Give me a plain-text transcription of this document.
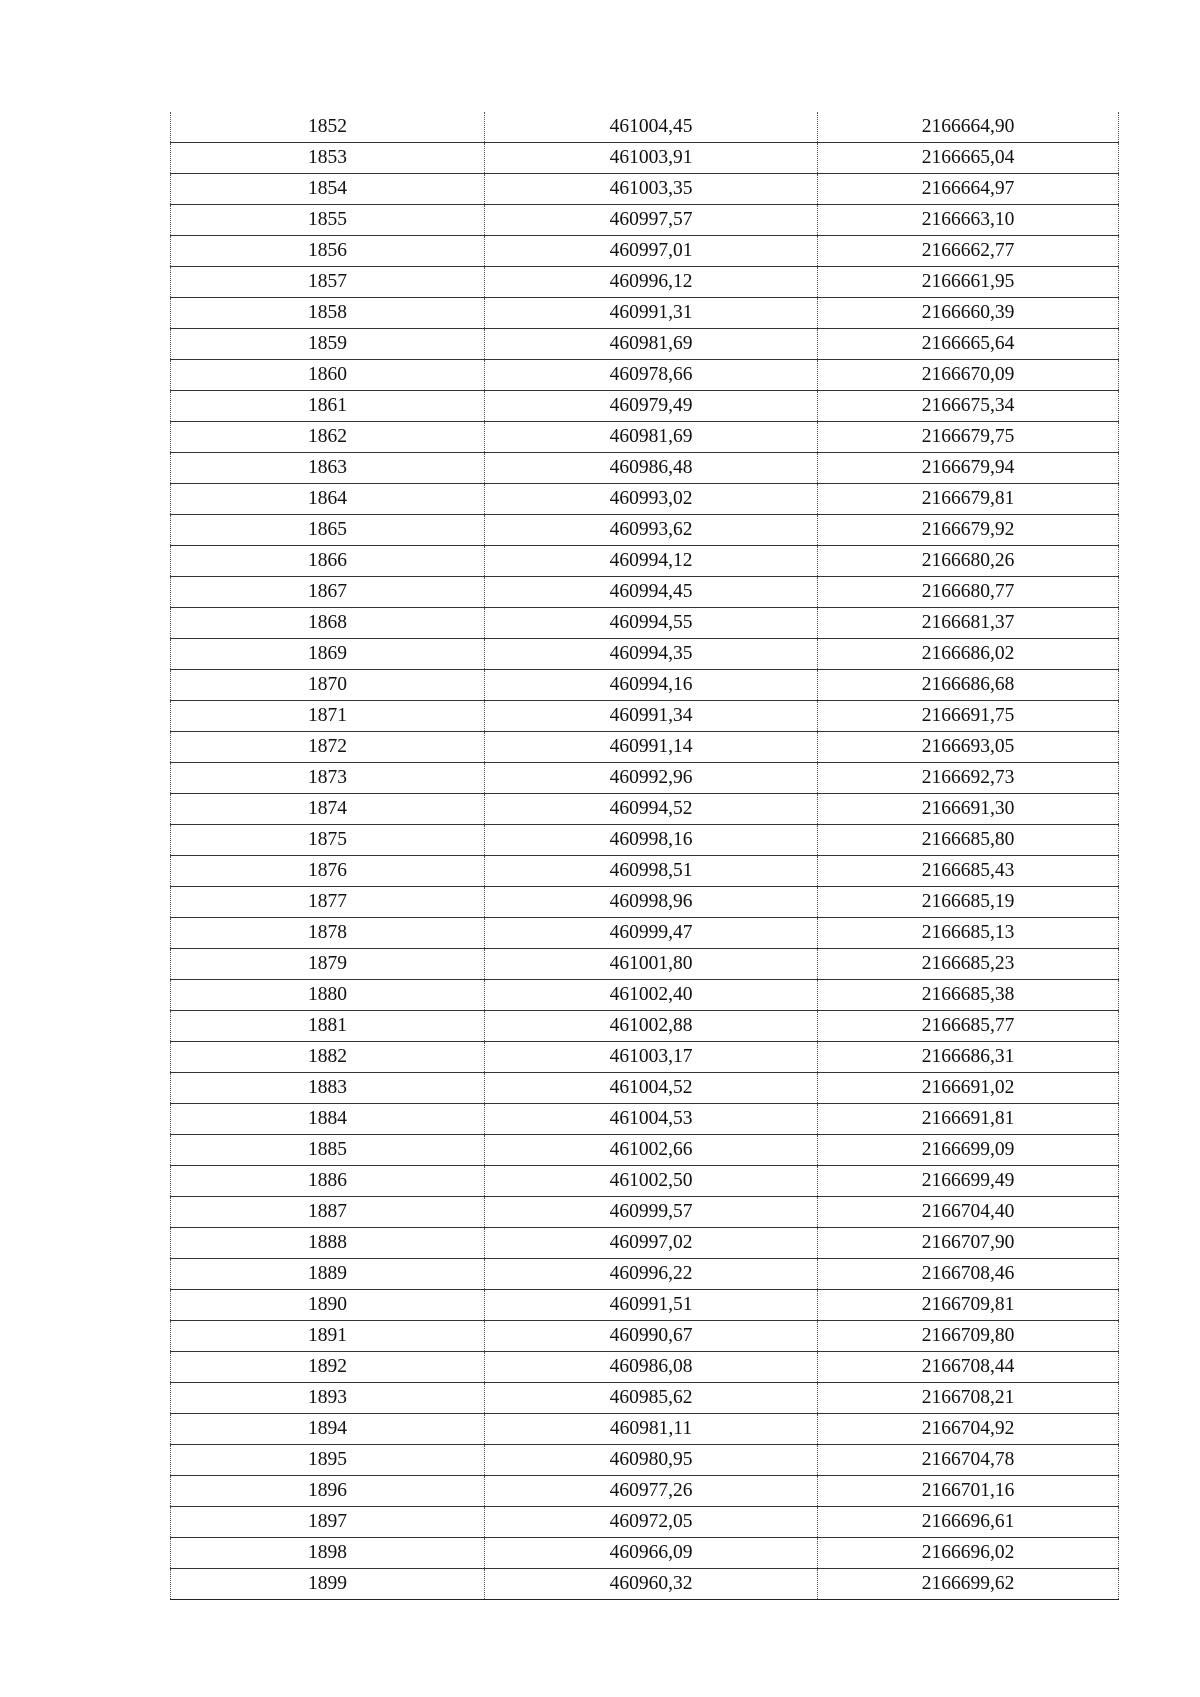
1852	461004,45	2166664,90
1853	461003,91	2166665,04
1854	461003,35	2166664,97
1855	460997,57	2166663,10
1856	460997,01	2166662,77
1857	460996,12	2166661,95
1858	460991,31	2166660,39
1859	460981,69	2166665,64
1860	460978,66	2166670,09
1861	460979,49	2166675,34
1862	460981,69	2166679,75
1863	460986,48	2166679,94
1864	460993,02	2166679,81
1865	460993,62	2166679,92
1866	460994,12	2166680,26
1867	460994,45	2166680,77
1868	460994,55	2166681,37
1869	460994,35	2166686,02
1870	460994,16	2166686,68
1871	460991,34	2166691,75
1872	460991,14	2166693,05
1873	460992,96	2166692,73
1874	460994,52	2166691,30
1875	460998,16	2166685,80
1876	460998,51	2166685,43
1877	460998,96	2166685,19
1878	460999,47	2166685,13
1879	461001,80	2166685,23
1880	461002,40	2166685,38
1881	461002,88	2166685,77
1882	461003,17	2166686,31
1883	461004,52	2166691,02
1884	461004,53	2166691,81
1885	461002,66	2166699,09
1886	461002,50	2166699,49
1887	460999,57	2166704,40
1888	460997,02	2166707,90
1889	460996,22	2166708,46
1890	460991,51	2166709,81
1891	460990,67	2166709,80
1892	460986,08	2166708,44
1893	460985,62	2166708,21
1894	460981,11	2166704,92
1895	460980,95	2166704,78
1896	460977,26	2166701,16
1897	460972,05	2166696,61
1898	460966,09	2166696,02
1899	460960,32	2166699,62
